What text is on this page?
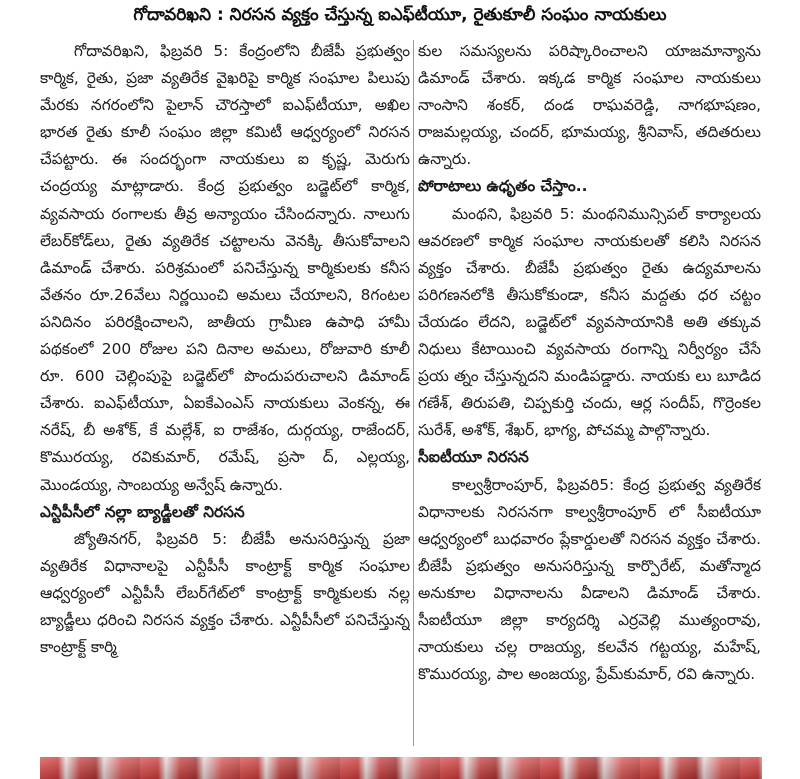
గోదావరిఖని : నిరసన వ్యక్తం చేస్తున్న ఐఎఫ్‌టీయూ, రైతుకూలీ సంఘం నాయకులు

గోదావరిఖని, ఫిబ్రవరి 5: కేంద్రంలోని బీజేపీ ప్రభుత్వం కార్మిక, రైతు, ప్రజా వ్యతిరేక వైఖరిపై కార్మిక సంఘాల పిలుపు మేరకు నగరంలోని పైలాన్ చౌరస్తాలో ఐఎఫ్‌టీయూ, అఖిల భారత రైతు కూలీ సంఘం జిల్లా కమిటీ ఆధ్వర్యంలో నిరసన చేపట్టారు. ఈ సందర్భంగా నాయకులు ఐ కృష్ణ, మెరుగు చంద్రయ్య మాట్లాడారు. కేంద్ర ప్రభుత్వం బడ్జెట్‌లో కార్మిక, వ్యవసాయ రంగాలకు తీవ్ర అన్యాయం చేసిందన్నారు. నాలుగు లేబర్‌కోడ్‌లు, రైతు వ్యతిరేక చట్టాలను వెనక్కి తీసుకోవాలని డిమాండ్ చేశారు. పరిశ్రమంలో పనిచేస్తున్న కార్మికులకు కనీస వేతనం రూ.26వేలు నిర్ణయించి అమలు చేయాలని, 8గంటల పనిదినం పరిరక్షించాలని, జాతీయ గ్రామీణ ఉపాధి హామీ పథకంలో 200 రోజుల పని దినాల అమలు, రోజువారి కూలీ రూ. 600 చెల్లింపుపై బడ్జెట్‌లో పొందుపరుచాలని డిమాండ్ చేశారు. ఐఎఫ్‌టీయూ, ఏఐకేఎంఎస్ నాయకులు వెంకన్న, ఈ నరేష్, బీ అశోక్, కే మల్లేశ్, ఐ రాజేశం, దుర్గయ్య, రాజేందర్, కొమురయ్య, రవికుమార్, రమేష్, ప్రసా ద్, ఎల్లయ్య, మొండయ్య, సాంబయ్య అన్వేష్ ఉన్నారు.

ఎన్టీపీసీలో నల్లా బ్యాడ్జీలతో నిరసన

జ్యోతినగర్, ఫిబ్రవరి 5: బీజేపీ అనుసరిస్తున్న ప్రజా వ్యతిరేక విధానాలపై ఎన్టీపీసీ కాంట్రాక్ట్ కార్మిక సంఘాల ఆధ్వర్యంలో ఎన్టీపీసీ లేబర్‌గేట్‌లో కాంట్రాక్ట్ కార్మికులకు నల్ల బ్యాడ్జీలు ధరించి నిరసన వ్యక్తం చేశారు. ఎన్టీపీసీలో పనిచేస్తున్న కాంట్రాక్ట్ కార్మి

కుల సమస్యలను పరిష్కారించాలని యాజమాన్యాను డిమాండ్ చేశారు. ఇక్కడ కార్మిక సంఘాల నాయకులు నాంసాని శంకర్, దండ రాఘవరెడ్డి, నాగభూషణం, రాజమల్లయ్య, చందర్, భూమయ్య, శ్రీనివాస్, తదితరులు ఉన్నారు.

పోరాటాలు ఉధృతం చేస్తాం..

మంథని, ఫిబ్రవరి 5: మంథనిమున్సిపల్ కార్యాలయ ఆవరణలో కార్మిక సంఘాల నాయకులతో కలిసి నిరసన వ్యక్తం చేశారు. బీజేపీ ప్రభుత్వం రైతు ఉద్యమాలను పరిగణనలోకి తీసుకోకుండా, కనీస మద్దతు ధర చట్టం చేయడం లేదని, బడ్జెట్‌లో వ్యవసాయానికి అతి తక్కువ నిధులు కేటాయించి వ్యవసాయ రంగాన్ని నిర్వీర్యం చేసే ప్రయ త్నం చేస్తున్నదని మండిపడ్డారు. నాయకు లు బూడిద గణేశ్, తిరుపతి, చిప్పకుర్తి చందు, ఆర్ల సందీప్, గొర్రెంకల సురేశ్, అశోక్, శేఖర్, భాగ్య, పోచమ్మ పాల్గొన్నారు.

సీఐటీయూ నిరసన

కాల్వశ్రీరాంపూర్, ఫిబ్రవరి5: కేంద్ర ప్రభుత్వ వ్యతిరేక విధానాలకు నిరసనగా కాల్వశ్రీరాంపూర్ లో సీఐటీయూ ఆధ్వర్యంలో బుధవారం ప్లేకార్డులతో నిరసన వ్యక్తం చేశారు. బీజేపీ ప్రభుత్వం అనుసరిస్తున్న కార్పొరేట్, మతోన్మాద అనుకూల విధానాలను వీడాలని డిమాండ్ చేశారు. సీఐటీయూ జిల్లా కార్యదర్శి ఎర్రవెల్లి ముత్యంరావు, నాయకులు చల్ల రాజయ్య, కలవేన గట్టయ్య, మహేష్, కొమురయ్య, పాల అంజయ్య, ప్రేమ్‌కుమార్, రవి ఉన్నారు.
